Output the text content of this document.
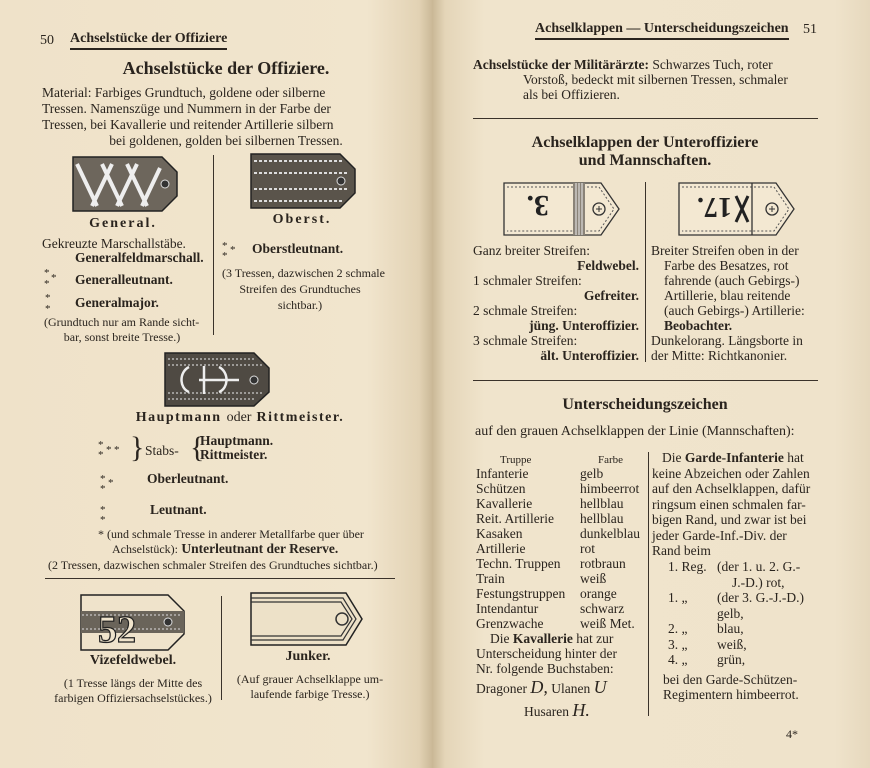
50 Achselstücke der Offiziere
Achselstücke der Offiziere.
Material: Farbiges Grundtuch, goldene oder silberne
Tressen. Namenszüge und Nummern in der Farbe der
Tressen, bei Kavallerie und reitender Artillerie silbern
bei goldenen, golden bei silbernen Tressen.
General.
Gekreuzte Marschallstäbe.
Generalfeldmarschall.
* *
* Generalleutnant.
*
* Generalmajor.
(Grundtuch nur am Rande sicht-
bar, sonst breite Tresse.)
Oberst.
* *
* Oberstleutnant.
(3 Tressen, dazwischen 2 schmale
Streifen des Grundtuches
sichtbar.)
Hauptmann oder Rittmeister.
*
* * * } Stabs- {
Hauptmann.
Rittmeister.
* *
*
Oberleutnant.
*
*
Leutnant.
* (und schmale Tresse in anderer Metallfarbe quer über
Achselstück): Unterleutnant der Reserve.
(2 Tressen, dazwischen schmaler Streifen des Grundtuches sichtbar.)
52
Vizefeldwebel.
(1 Tresse längs der Mitte des
farbigen Offiziersachselstückes.)
Junker.
(Auf grauer Achselklappe um-
laufende farbige Tresse.)
Achselklappen — Unterscheidungszeichen 51
Achselstücke der Militärärzte: Schwarzes Tuch, roter
Vorstoß, bedeckt mit silbernen Tressen, schmaler
als bei Offizieren.
Achselklappen der Unteroffiziere
und Mannschaften.
3.	17.
Ganz breiter Streifen:
Feldwebel.
1 schmaler Streifen:
Gefreiter.
2 schmale Streifen:
jüng. Unteroffizier.
3 schmale Streifen:
ält. Unteroffizier.
Breiter Streifen oben in der
Farbe des Besatzes, rot
fahrende (auch Gebirgs-)
Artillerie, blau reitende
(auch Gebirgs-) Artillerie:
Beobachter.
Dunkelorang. Längsborte in
der Mitte: Richtkanonier.
Unterscheidungszeichen
auf den grauen Achselklappen der Linie (Mannschaften):
Truppe	Farbe
Infanterie	gelb
Schützen	himbeerrot
Kavallerie	hellblau
Reit. Artillerie hellblau
Kasaken	dunkelblau
Artillerie	rot
Techn. Truppen rotbraun
Train	weiß
Festungstruppen orange
Intendantur	schwarz
Grenzwache	weiß Met.
Die Kavallerie hat zur
Unterscheidung hinter der
Nr. folgende Buchstaben:
Dragoner D, Ulanen U
Husaren H.
Die Garde-Infanterie hat
keine Abzeichen oder Zahlen
auf den Achselklappen, dafür
ringsum einen schmalen far-
bigen Rand, und zwar ist bei
jeder Garde-Inf.-Div. der
Rand beim
1. Reg. (der 1. u. 2. G.-
J.-D.) rot,
1. „ (der 3. G.-J.-D.)
gelb,
2. „ blau,
3. „ weiß,
4. „ grün,
bei den Garde-Schützen-
Regimentern himbeerrot.
4*
